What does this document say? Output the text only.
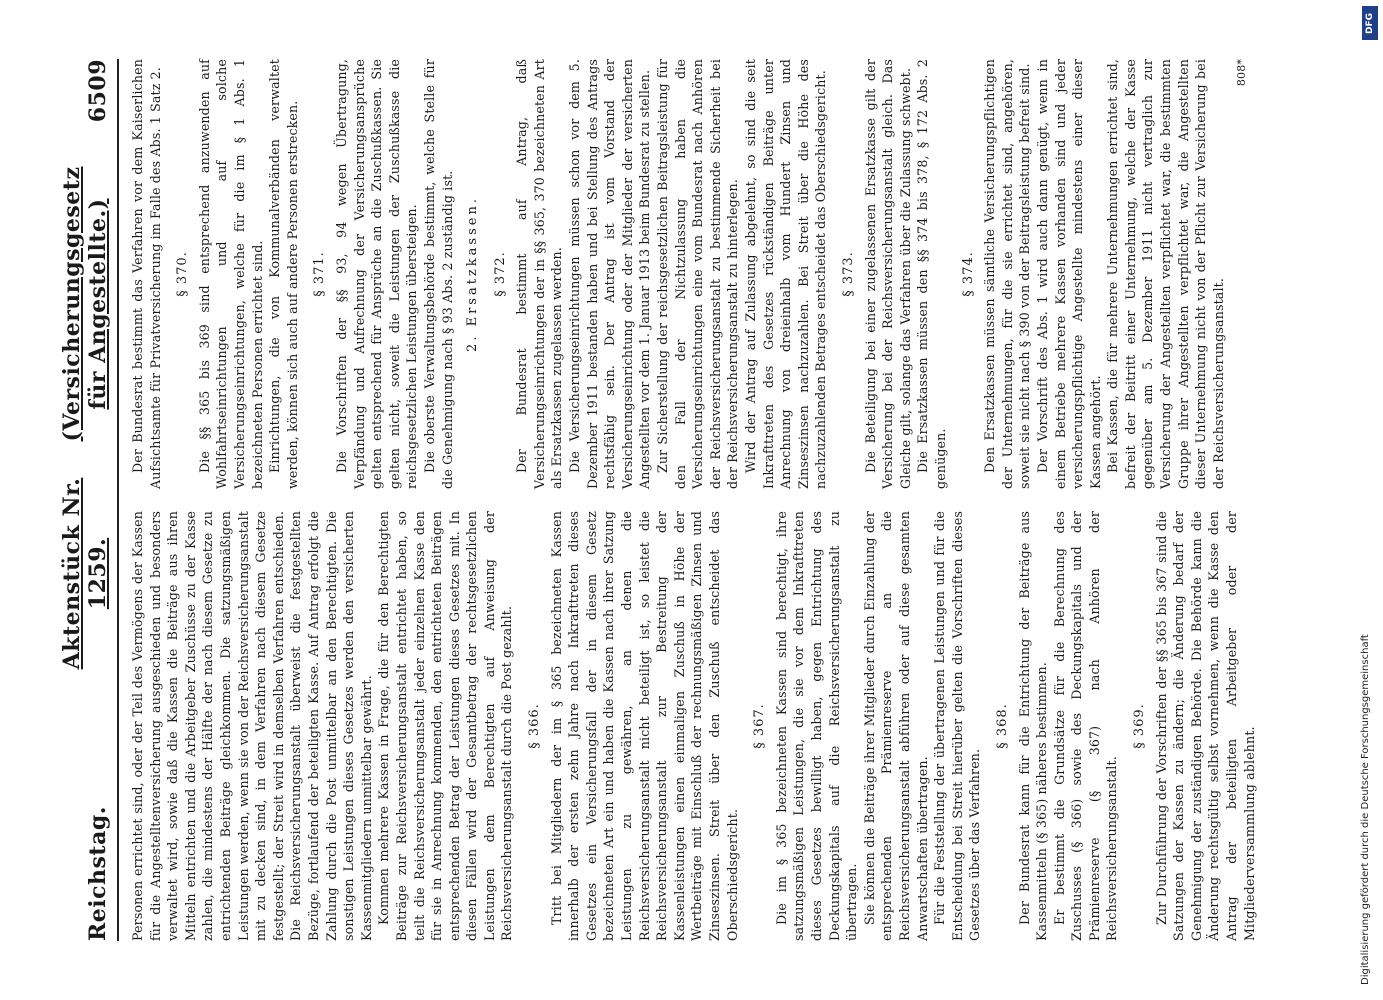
Reichstag.
Aktenstück Nr. 1259.
(Versicherungsgesetz für Angestellte.)
6509

Personen errichtet sind, oder der Teil des Vermögens der Kassen für die Angestelltenversicherung ausgeschieden und besonders verwaltet wird, sowie daß die Kassen die Beiträge aus ihren Mitteln entrichten und die Arbeitgeber Zuschüsse zu der Kasse zahlen, die mindestens der Hälfte der nach diesem Gesetze zu entrichtenden Beiträge gleichkommen. Die satzungsmäßigen Leistungen werden, wenn sie von der Reichsversicherungsanstalt mit zu decken sind, in dem Verfahren nach diesem Gesetze festgestellt; der Streit wird in demselben Verfahren entschieden. Die Reichsversicherungsanstalt überweist die festgestellten Bezüge, fortlaufend der beteiligten Kasse. Auf Antrag erfolgt die Zahlung durch die Post unmittelbar an den Berechtigten. Die sonstigen Leistungen dieses Gesetzes werden den versicherten Kassenmitgliedern unmittelbar gewährt. Kommen mehrere Kassen in Frage, die für den Berechtigten Beiträge zur Reichsversicherungsanstalt entrichtet haben, so teilt die Reichsversicherungsanstalt jeder einzelnen Kasse den für sie in Anrechnung kommenden, den entrichteten Beiträgen entsprechenden Betrag der Leistungen dieses Gesetzes mit. In diesen Fällen wird der Gesamtbetrag der rechtsgesetzlichen Leistungen dem Berechtigten auf Anweisung der Reichsversicherungsanstalt durch die Post gezahlt. § 366. Tritt bei Mitgliedern der im § 365 bezeichneten Kassen innerhalb der ersten zehn Jahre nach Inkrafttreten dieses Gesetzes ein Versicherungsfall der in diesem Gesetz bezeichneten Art ein und haben die Kassen nach ihrer Satzung Leistungen zu gewähren, an denen die Reichsversicherungsanstalt nicht beteiligt ist, so leistet die Reichsversicherungsanstalt zur Bestreitung der Kassenleistungen einen einmaligen Zuschuß in Höhe der Wertbeiträge mit Einschluß der rechnungsmäßigen Zinsen und Zinseszinsen. Streit über den Zuschuß entscheidet das Oberschiedsgericht.

§ 367. Die im § 365 bezeichneten Kassen sind berechtigt, ihre satzungsmäßigen Leistungen, die sie vor dem Inkrafttreten dieses Gesetzes bewilligt haben, gegen Entrichtung des Deckungskapitals auf die Reichsversicherungsanstalt zu übertragen. Sie können die Beiträge ihrer Mitglieder durch Einzahlung der entsprechenden Prämienreserve an die Reichsversicherungsanstalt abführen oder auf diese gesamten Anwartschaften übertragen. Für die Feststellung der übertragenen Leistungen und für die Entscheidung bei Streit hierüber gelten die Vorschriften dieses Gesetzes über das Verfahren.

§ 368. Der Bundesrat kann für die Entrichtung der Beiträge aus Kassenmitteln (§ 365) näheres bestimmen. Er bestimmt die Grundsätze für die Berechnung des Zuschusses (§ 366) sowie des Deckungskapitals und der Prämienreserve (§ 367) nach Anhören der Reichsversicherungsanstalt.

§ 369. Zur Durchführung der Vorschriften der §§ 365 bis 367 sind die Satzungen der Kassen zu ändern; die Änderung bedarf der Genehmigung der zuständigen Behörde. Die Behörde kann die Änderung rechtsgültig selbst vornehmen, wenn die Kasse den Antrag der beteiligten Arbeitgeber oder der Mitgliederversammlung ablehnt.

Der Bundesrat bestimmt das Verfahren vor dem Kaiserlichen Aufsichtsamte für Privatversicherung im Falle des Abs. 1 Satz 2. § 370. Die §§ 365 bis 369 sind entsprechend anzuwenden auf Wohlfahrtseinrichtungen und auf solche Versicherungseinrichtungen, welche für die im § 1 Abs. 1 bezeichneten Personen errichtet sind. Einrichtungen, die von Kommunalverbänden verwaltet werden, können sich auch auf andere Personen erstrecken. § 371. Die Vorschriften der §§ 93, 94 wegen Übertragung, Verpfändung und Aufrechnung der Versicherungsansprüche gelten entsprechend für Ansprüche an die Zuschußkassen. Sie gelten nicht, soweit die Leistungen der Zuschußkasse die reichsgesetzlichen Leistungen übersteigen. Die oberste Verwaltungsbehörde bestimmt, welche Stelle für die Genehmigung nach § 93 Abs. 2 zuständig ist. 2. Ersatzkassen. § 372. Der Bundesrat bestimmt auf Antrag, daß Versicherungseinrichtungen der in §§ 365, 370 bezeichneten Art als Ersatzkassen zugelassen werden. Die Versicherungseinrichtungen müssen schon vor dem 5. Dezember 1911 bestanden haben und bei Stellung des Antrags rechtsfähig sein. Der Antrag ist vom Vorstand der Versicherungseinrichtung oder der Mitglieder der versicherten Angestellten vor dem 1. Januar 1913 beim Bundesrat zu stellen. Zur Sicherstellung der reichsgesetzlichen Beitragsleistung für den Fall der Nichtzulassung haben die Versicherungseinrichtungen eine vom Bundesrat nach Anhören der Reichsversicherungsanstalt zu bestimmende Sicherheit bei der Reichsversicherungsanstalt zu hinterlegen. Wird der Antrag auf Zulassung abgelehnt, so sind die seit Inkrafttreten des Gesetzes rückständigen Beiträge unter Anrechnung von dreieinhalb vom Hundert Zinsen und Zinseszinsen nachzuzahlen. Bei Streit über die Höhe des nachzuzahlenden Betrages entscheidet das Oberschiedsgericht. § 373. Die Beteiligung bei einer zugelassenen Ersatzkasse gilt der Versicherung bei der Reichsversicherungsanstalt gleich. Das Gleiche gilt, solange das Verfahren über die Zulassung schwebt. Die Ersatzkassen müssen den §§ 374 bis 378, § 172 Abs. 2 genügen.

§ 374. Den Ersatzkassen müssen sämtliche Versicherungspflichtigen der Unternehmungen, für die sie errichtet sind, angehören, soweit sie nicht nach § 390 von der Beitragsleistung befreit sind. Der Vorschrift des Abs. 1 wird auch dann genügt, wenn in einem Betriebe mehrere Kassen vorhanden sind und jeder versicherungspflichtige Angestellte mindestens einer dieser Kassen angehört. Bei Kassen, die für mehrere Unternehmungen errichtet sind, befreit der Beitritt einer Unternehmung, welche der Kasse gegenüber am 5. Dezember 1911 nicht vertraglich zur Versicherung der Angestellten verpflichtet war, die bestimmten Gruppe ihrer Angestellten verpflichtet war, die Angestellten dieser Unternehmung nicht von der Pflicht zur Versicherung bei der Reichsversicherungsanstalt.

808*
Digitalisierung gefördert durch die Deutsche Forschungsgemeinschaft
DFG
